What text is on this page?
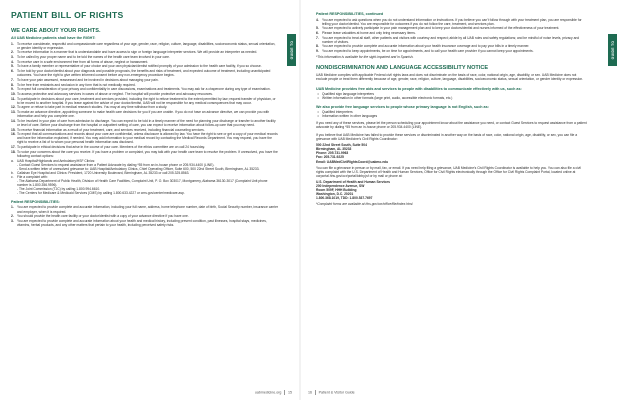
PATIENT BILL OF RIGHTS
WE CARE ABOUT YOUR RIGHTS.
All UAB Medicine patients shall have the RIGHT:
1. To receive considerate, respectful and compassionate care regardless of your age, gender, race, religion, culture, language, disabilities, socioeconomic status, sexual orientation, or gender identity or expression.
2. To receive information in a manner that is understandable and have access to sign or foreign language interpreter services. We will provide an interpreter as needed.
3. To be called by your proper name and to be told the names of the health care team involved in your care.
4. To receive care in a safe environment free from all forms of abuse, neglect or harassment.
5. To have a family member or representative of your choice and your own physician/dentist notified promptly of your admission to the health care facility, if you so choose.
6. To be told by your doctor/dentist about your diagnosis and possible prognosis, the benefits and risks of treatment, and expected outcome of treatment, including unanticipated outcomes. You have the right to give written informed consent before any non-emergency procedure begins.
7. To have your pain assessed, reassessed and be involved in decisions about managing your pain.
8. To be free from restraints and seclusion in any form that is not medically required.
9. To expect full consideration of your privacy and confidentiality in care discussions, examinations and treatments. You may ask for a chaperone during any type of examination.
10. To access protective and advocacy services in cases of abuse or neglect. The hospital will provide protective and advocacy resources.
11. To participate in decisions about your care, treatment and services provided, including the right to refuse treatment to the extent permitted by law; request transfer of physician, or to be moved to another hospital. If you leave against the advice of your doctor/dentist, UAB will not be responsible for any medical consequences that may occur.
12. To agree or refuse to take part in medical research studies. You may at any time withdraw from a study.
13. To make an advance directive, appointing someone to make health care decisions for you if you are unable. If you do not have an advance directive, we can provide you with information and help you complete one.
14. To be involved in your plan of care from admission to discharge. You can expect to be told in a timely manner of the need for planning your discharge or transfer to another facility or level of care. Before your discharge from the hospital or outpatient setting of care, you can expect to receive information about follow-up care that you may need.
15. To receive financial information as a result of your treatment, care, and services received, including financial counseling services.
16. To expect that all communications and records about your care are confidential, unless disclosure is allowed by law. You have the right to see or get a copy of your medical records and have the information explained, if needed. You may add information to your medical record by contacting the Medical Records Department. You may request, you have the right to receive a list of to whom your personal health information was disclosed.
17. To participate in ethical decisions that arise in the course of your care. Members of the ethics committee are on call 24 hours/day.
18. To voice your concerns about the care you receive. If you have a problem or complaint, you may talk with your health care team to resolve the problem. If unresolved, you have the following contact options:
a. UAB Hospital/Highlands and Ambulatory/HSF Clinics:
- Contact Guest Services to request assistance from a Patient Advocate by dialing *55 from an in-house phone or 205.934.4400 (LINE).
- Send a written letter of unresolved grievance to: UAB Hospital/Ambulatory Clinics, Chief Operating Officer, Suite 600, 500 22nd Street South, Birmingham, AL 35233.
b. Callahan Eye Hospital and Clinics: President, 1720 University Boulevard, Birmingham, AL 35233 or call 205.325.8563.
c. File a complaint with:
- The Alabama Department of Public Health, Division of Health Care Facilities, Complaint Unit, P. O. Box 303017, Montgomery, Alabama 36130-3017 (Complaint Unit phone number is 1.800.356.9596).
- The Joint Commission (TJC) by calling 1.800.994.6610.
- The Centers for Medicare & Medicaid Services (CMS) by calling 1.800.633.4227 or cms.gov/center/medicare.asp.
Patient RESPONSIBILITIES:
1. You are expected to provide complete and accurate information, including your full name, address, home telephone number, date of birth, Social Security number, insurance carrier and employer, when it is required.
2. You should provide the health care facility or your doctor/dentist with a copy of your advance directive if you have one.
3. You are expected to provide complete and accurate information about your health and medical history, including present condition, past illnesses, hospital stays, medicines, vitamins, herbal products, and any other matters that pertain to your health, including perceived safety risks.
GUIDE TO
uabmedicine.org 15
Patient RESPONSIBILITIES, continued
4. You are expected to ask questions when you do not understand information or instructions. If you believe you can't follow through with your treatment plan, you are responsible for telling your doctor/dentist. You are responsible for outcomes if you do not follow the care, treatment, and services plan.
5. You are expected to actively participate in your pain management plan and to keep your doctors/dentist and nurses informed of the effectiveness of your treatment.
6. Please leave valuables at home and only bring necessary items.
7. You are expected to treat all staff, other patients and visitors with courtesy and respect; abide by all UAB rules and safety regulations; and be mindful of noise levels, privacy and number of visitors.
8. You are expected to provide complete and accurate information about your health insurance coverage and to pay your bills in a timely manner.
9. You are expected to keep appointments, be on time for appointments, and to call your health care provider if you cannot keep your appointments.
*This information is available for the sight-impaired and in Spanish.
NONDISCRIMINATION AND LANGUAGE ACCESSIBILITY NOTICE
UAB Medicine complies with applicable Federal civil rights laws and does not discriminate on the basis of race, color, national origin, age, disability, or sex. UAB Medicine does not exclude people or treat them differently because of age, gender, race, religion, culture, language, disabilities, socioeconomic status, sexual orientation, or gender identity or expression.
UAB Medicine provides free aids and services to people with disabilities to communicate effectively with us, such as:
• Qualified sign language interpreters
• Written information in other formats (large print, audio, accessible electronic formats, etc.)
We also provide free language services to people whose primary language is not English, such as:
• Qualified interpreters
• Information written in other languages
If you need any of these services, please let the person scheduling your appointment know about the assistance you need, or contact Guest Services to request assistance from a patient advocate by dialing *55 from an in-house phone or 205.934.4400 (LINE).
If you believe that UAB Medicine has failed to provide these services or discriminated in another way on the basis of race, color, national origin, age, disability, or sex, you can file a grievance with UAB Medicine's Civil Rights Coordinator:
500 22nd Street South, Suite 504
Birmingham, AL 35233
Phone: 205.731.9963
Fax: 205.731.9225
Email: UABMedCivilRightsCoord@uabmc.edu
You can file a grievance in person or by mail, fax, or email. If you need help filing a grievance, UAB Medicine's Civil Rights Coordinator is available to help you. You can also file a civil rights complaint with the U.S. Department of Health and Human Services, Office for Civil Rights electronically through the Office for Civil Rights Complaint Portal, located online at ocrportal.hhs.gov/ocr/portal/lobby.jsf or by mail or phone at:
U.S. Department of Health and Human Services
200 Independence Avenue, SW
Room 509F, HHH Building
Washington, D.C. 20201
1.800.368.1019, TDD: 1.800.537.7697
*Complaint forms are available at hhs.gov/ocr/office/file/index.html.
GUIDE TO
16 Patient & Visitor Guide
